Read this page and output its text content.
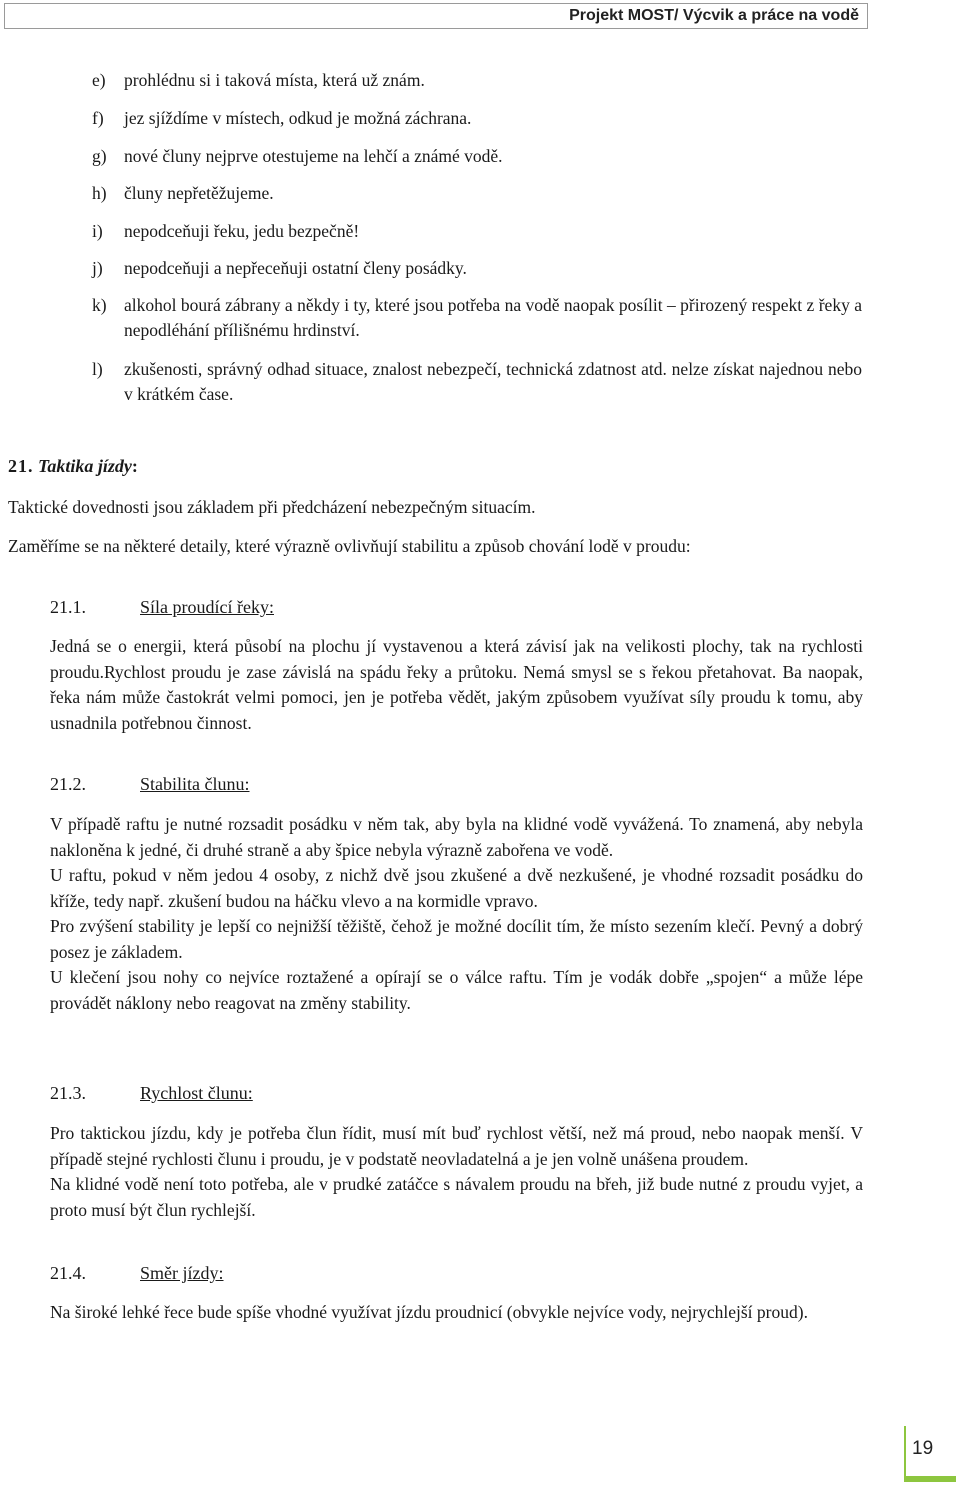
Projekt MOST/ Výcvik a práce na vodě
e) prohlédnu si i taková místa, která už znám.
f) jez sjíždíme v místech, odkud je možná záchrana.
g) nové čluny nejprve otestujeme na lehčí a známé vodě.
h) čluny nepřetěžujeme.
i) nepodceňuji řeku, jedu bezpečně!
j) nepodceňuji a nepřeceňuji ostatní členy posádky.
k) alkohol bourá zábrany a někdy i ty, které jsou potřeba na vodě naopak posílit – přirozený respekt z řeky a nepodléhání přílišnému hrdinství.
l) zkušenosti, správný odhad situace, znalost nebezpečí, technická zdatnost atd. nelze získat najednou nebo v krátkém čase.
21. Taktika jízdy:
Taktické dovednosti jsou základem při předcházení nebezpečným situacím.
Zaměříme se na některé detaily, které výrazně ovlivňují stabilitu a způsob chování lodě v proudu:
21.1.	Síla proudící řeky:

Jedná se o energii, která působí na plochu jí vystavenou a která závisí jak na velikosti plochy, tak na rychlosti proudu.Rychlost proudu je zase závislá na spádu řeky a průtoku. Nemá smysl se s řekou přetahovat. Ba naopak, řeka nám může častokrát velmi pomoci, jen je potřeba vědět, jakým způsobem využívat síly proudu k tomu, aby usnadnila potřebnou činnost.

21.2.	Stabilita člunu:

V případě raftu je nutné rozsadit posádku v něm tak, aby byla na klidné vodě vyvážená. To znamená, aby nebyla nakloněna k jedné, či druhé straně a aby špice nebyla výrazně zabořena ve vodě.

U raftu, pokud v něm jedou 4 osoby, z nichž dvě jsou zkušené a dvě nezkušené, je vhodné rozsadit posádku do kříže, tedy např. zkušení budou na háčku vlevo a na kormidle vpravo.

Pro zvýšení stability je lepší co nejnižší těžiště, čehož je možné docílit tím, že místo sezením klečí. Pevný a dobrý posez je základem.

U klečení jsou nohy co nejvíce roztažené a opírají se o válce raftu. Tím je vodák dobře „spojen“ a může lépe provádět náklony nebo reagovat na změny stability.

21.3.	Rychlost člunu:

Pro taktickou jízdu, kdy je potřeba člun řídit, musí mít buď rychlost větší, než má proud, nebo naopak menší. V případě stejné rychlosti člunu i proudu, je v podstatě neovladatelná a je jen volně unášena proudem.

Na klidné vodě není toto potřeba, ale v prudké zatáčce s návalem proudu na břeh, již bude nutné z proudu vyjet, a proto musí být člun rychlejší.

21.4.	Směr jízdy:

Na široké lehké řece bude spíše vhodné využívat jízdu proudnicí (obvykle nejvíce vody, nejrychlejší proud).

19
